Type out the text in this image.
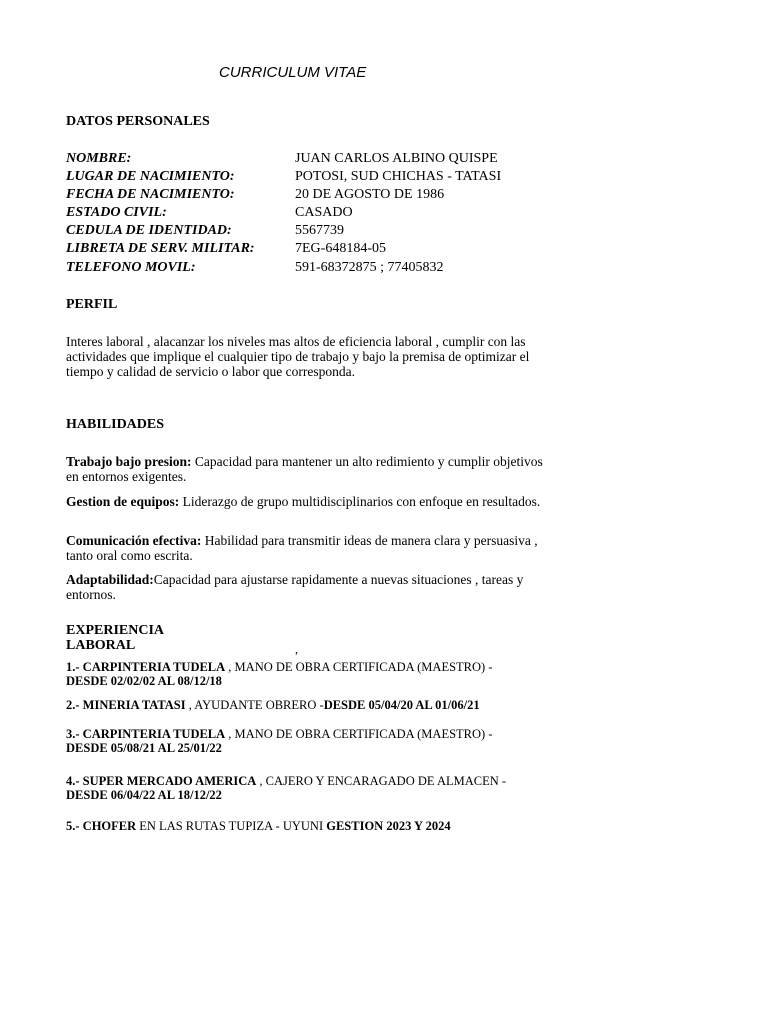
CURRICULUM VITAE
DATOS PERSONALES
NOMBRE:	JUAN CARLOS ALBINO QUISPE
LUGAR DE NACIMIENTO:	POTOSI, SUD CHICHAS - TATASI
FECHA DE NACIMIENTO:	20 DE AGOSTO DE 1986
ESTADO CIVIL:	CASADO
CEDULA DE IDENTIDAD:	5567739
LIBRETA DE SERV. MILITAR:	7EG-648184-05
TELEFONO MOVIL:	591-68372875 ; 77405832
PERFIL
Interes laboral , alacanzar los niveles mas altos de eficiencia laboral , cumplir con las actividades que implique el cualquier tipo de trabajo y bajo la premisa de optimizar el tiempo y calidad de servicio o labor que corresponda.
HABILIDADES
Trabajo bajo presion: Capacidad para mantener un alto redimiento y cumplir objetivos en entornos exigentes.
Gestion de equipos: Liderazgo de grupo multidisciplinarios con enfoque en resultados.
Comunicación efectiva: Habilidad para transmitir ideas de manera clara y persuasiva , tanto oral como escrita.
Adaptabilidad:Capacidad para ajustarse rapidamente a nuevas situaciones , tareas y entornos.
EXPERIENCIA
LABORAL	,
1.- CARPINTERIA TUDELA , MANO DE OBRA CERTIFICADA (MAESTRO) - DESDE 02/02/02 AL 08/12/18
2.- MINERIA TATASI , AYUDANTE OBRERO -DESDE 05/04/20 AL 01/06/21
3.- CARPINTERIA TUDELA , MANO DE OBRA CERTIFICADA (MAESTRO) - DESDE 05/08/21 AL 25/01/22
4.- SUPER MERCADO AMERICA , CAJERO Y ENCARAGADO DE ALMACEN - DESDE 06/04/22 AL 18/12/22
5.- CHOFER EN LAS RUTAS TUPIZA - UYUNI GESTION 2023 Y 2024
